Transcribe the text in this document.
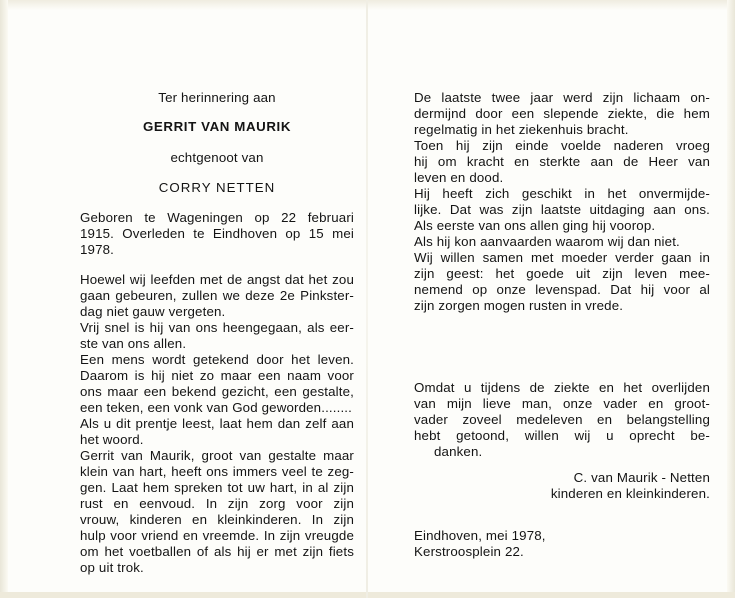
Ter herinnering aan
GERRIT VAN MAURIK
echtgenoot van
CORRY NETTEN
Geboren te Wageningen op 22 februari
1915. Overleden te Eindhoven op 15 mei
1978.
Hoewel wij leefden met de angst dat het zou
gaan gebeuren, zullen we deze 2e Pinkster-
dag niet gauw vergeten.
Vrij snel is hij van ons heengegaan, als eer-
ste van ons allen.
Een mens wordt getekend door het leven.
Daarom is hij niet zo maar een naam voor
ons maar een bekend gezicht, een gestalte,
een teken, een vonk van God geworden........
Als u dit prentje leest, laat hem dan zelf aan
het woord.
Gerrit van Maurik, groot van gestalte maar
klein van hart, heeft ons immers veel te zeg-
gen. Laat hem spreken tot uw hart, in al zijn
rust en eenvoud. In zijn zorg voor zijn
vrouw, kinderen en kleinkinderen. In zijn
hulp voor vriend en vreemde. In zijn vreugde
om het voetballen of als hij er met zijn fiets
op uit trok.
De laatste twee jaar werd zijn lichaam on-
dermijnd door een slepende ziekte, die hem
regelmatig in het ziekenhuis bracht.
Toen hij zijn einde voelde naderen vroeg
hij om kracht en sterkte aan de Heer van
leven en dood.
Hij heeft zich geschikt in het onvermijde-
lijke. Dat was zijn laatste uitdaging aan ons.
Als eerste van ons allen ging hij voorop.
Als hij kon aanvaarden waarom wij dan niet.
Wij willen samen met moeder verder gaan in
zijn geest: het goede uit zijn leven mee-
nemend op onze levenspad. Dat hij voor al
zijn zorgen mogen rusten in vrede.
Omdat u tijdens de ziekte en het overlijden
van mijn lieve man, onze vader en groot-
vader zoveel medeleven en belangstelling
hebt getoond, willen wij u oprecht be-
danken.
C. van Maurik - Netten
kinderen en kleinkinderen.
Eindhoven, mei 1978,
Kerstroosplein 22.
